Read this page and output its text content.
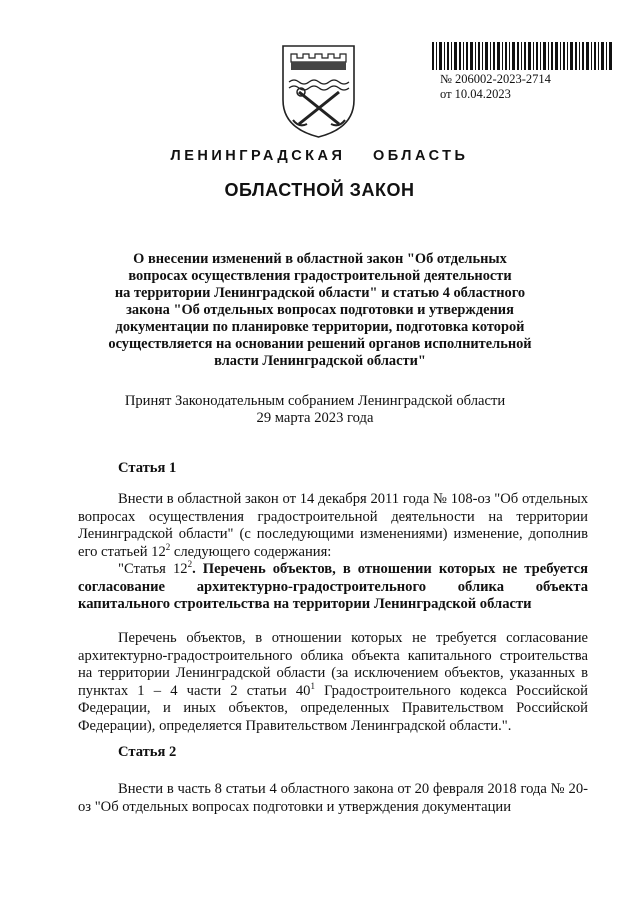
№ 206002-2023-2714
от 10.04.2023
ЛЕНИНГРАДСКАЯ ОБЛАСТЬ
ОБЛАСТНОЙ ЗАКОН
О внесении изменений в областной закон "Об отдельных
вопросах осуществления градостроительной деятельности
на территории Ленинградской области" и статью 4 областного
закона "Об отдельных вопросах подготовки и утверждения
документации по планировке территории, подготовка которой
осуществляется на основании решений органов исполнительной
власти Ленинградской области"
Принят Законодательным собранием Ленинградской области
29 марта 2023 года
Статья 1

Внести в областной закон от 14 декабря 2011 года № 108-оз "Об отдельных вопросах осуществления градостроительной деятельности на территории Ленинградской области" (с последующими изменениями) изменение, дополнив его статьей $12^2$ следующего содержания:

"Статья $12^2$. Перечень объектов, в отношении которых не требуется согласование архитектурно-градостроительного облика объекта капитального строительства на территории Ленинградской области

Перечень объектов, в отношении которых не требуется согласование архитектурно-градостроительного облика объекта капитального строительства на территории Ленинградской области (за исключением объектов, указанных в пунктах 1 – 4 части 2 статьи $40^1$ Градостроительного кодекса Российской Федерации, и иных объектов, определенных Правительством Российской Федерации), определяется Правительством Ленинградской области.".

Статья 2

Внести в часть 8 статьи 4 областного закона от 20 февраля 2018 года № 20-оз "Об отдельных вопросах подготовки и утверждения документации
